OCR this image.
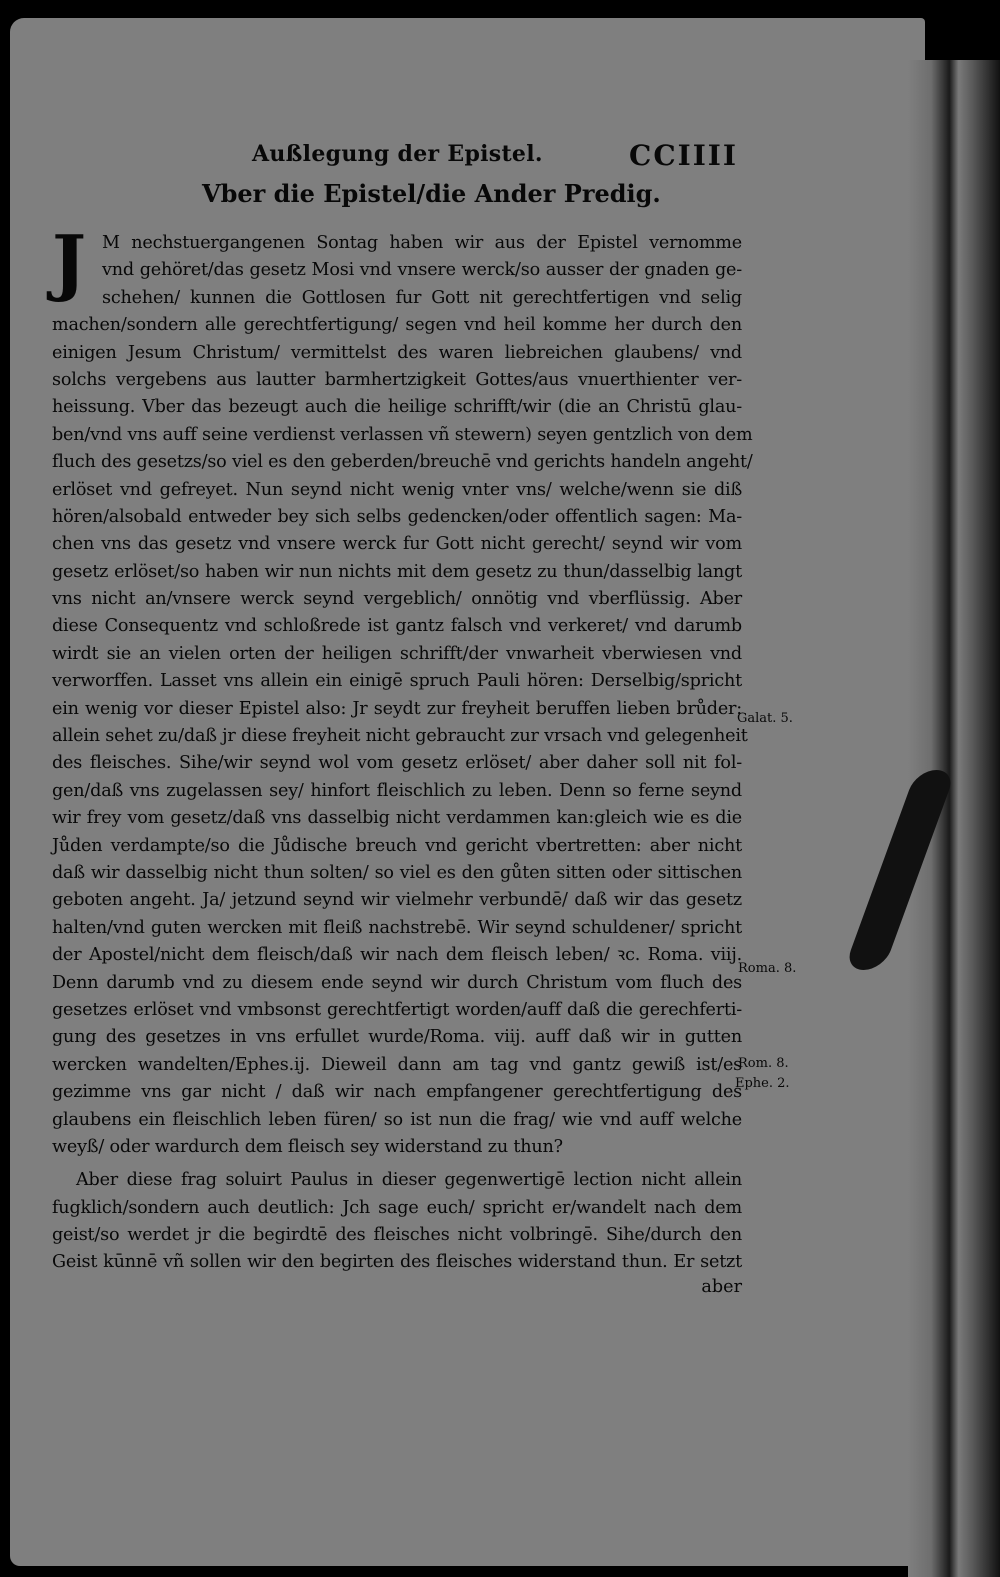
Außlegung der Epistel.	CCIIII
Vber die Epistel/die Ander Predig.
J M nechstuergangenen Sontag haben wir aus der Epistel vernomme
vnd gehöret/das gesetz Mosi vnd vnsere werck/so ausser der gnaden ge-
schehen/ kunnen die Gottlosen fur Gott nit gerechtfertigen vnd selig
machen/sondern alle gerechtfertigung/ segen vnd heil komme her durch den
einigen Jesum Christum/ vermittelst des waren liebreichen glaubens/ vnd
solchs vergebens aus lautter barmhertzigkeit Gottes/aus vnuerthienter ver-
heissung. Vber das bezeugt auch die heilige schrifft/wir (die an Christū glau-
ben/vnd vns auff seine verdienst verlassen vñ stewern) seyen gentzlich von dem
fluch des gesetzs/so viel es den geberden/breuchē vnd gerichts handeln angeht/
erlöset vnd gefreyet. Nun seynd nicht wenig vnter vns/ welche/wenn sie diß
hören/alsobald entweder bey sich selbs gedencken/oder offentlich sagen: Ma-
chen vns das gesetz vnd vnsere werck fur Gott nicht gerecht/ seynd wir vom
gesetz erlöset/so haben wir nun nichts mit dem gesetz zu thun/dasselbig langt
vns nicht an/vnsere werck seynd vergeblich/ onnötig vnd vberflüssig. Aber
diese Consequentz vnd schloßrede ist gantz falsch vnd verkeret/ vnd darumb
wirdt sie an vielen orten der heiligen schrifft/der vnwarheit vberwiesen vnd
verworffen. Lasset vns allein ein einigē spruch Pauli hören: Derselbig/spricht
ein wenig vor dieser Epistel also: Jr seydt zur freyheit beruffen lieben brůder:
allein sehet zu/daß jr diese freyheit nicht gebraucht zur vrsach vnd gelegenheit
des fleisches. Sihe/wir seynd wol vom gesetz erlöset/ aber daher soll nit fol-
gen/daß vns zugelassen sey/ hinfort fleischlich zu leben. Denn so ferne seynd
wir frey vom gesetz/daß vns dasselbig nicht verdammen kan:gleich wie es die
Jůden verdampte/so die Jůdische breuch vnd gericht vbertretten: aber nicht
daß wir dasselbig nicht thun solten/ so viel es den gůten sitten oder sittischen
geboten angeht. Ja/ jetzund seynd wir vielmehr verbundē/ daß wir das gesetz
halten/vnd guten wercken mit fleiß nachstrebē. Wir seynd schuldener/ spricht
der Apostel/nicht dem fleisch/daß wir nach dem fleisch leben/ ꝛc. Roma. viij.
Denn darumb vnd zu diesem ende seynd wir durch Christum vom fluch des
gesetzes erlöset vnd vmbsonst gerechtfertigt worden/auff daß die gerechferti-
gung des gesetzes in vns erfullet wurde/Roma. viij. auff daß wir in gutten
wercken wandelten/Ephes.ij. Dieweil dann am tag vnd gantz gewiß ist/es
gezimme vns gar nicht / daß wir nach empfangener gerechtfertigung des
glaubens ein fleischlich leben füren/ so ist nun die frag/ wie vnd auff welche
weyß/ oder wardurch dem fleisch sey widerstand zu thun?
Aber diese frag soluirt Paulus in dieser gegenwertigē lection nicht allein
fugklich/sondern auch deutlich: Jch sage euch/ spricht er/wandelt nach dem
geist/so werdet jr die begirdtē des fleisches nicht volbringē. Sihe/durch den
Geist kūnnē vñ sollen wir den begirten des fleisches widerstand thun. Er setzt
aber
Galat. 5.
Roma. 8.
Rom. 8.
Ephe. 2.
